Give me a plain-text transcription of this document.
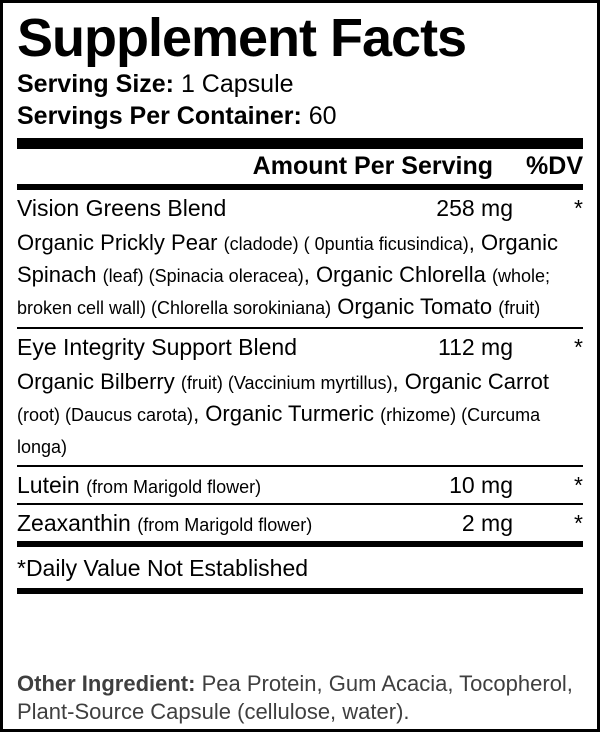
Supplement Facts
Serving Size: 1 Capsule
Servings Per Container: 60
Amount Per Serving	%DV
Vision Greens Blend	258 mg	*
Organic Prickly Pear (cladode) ( 0puntia ficusindica), Organic Spinach (leaf) (Spinacia oleracea), Organic Chlorella (whole; broken cell wall) (Chlorella sorokiniana) Organic Tomato (fruit)
Eye Integrity Support Blend	112 mg	*
Organic Bilberry (fruit) (Vaccinium myrtillus), Organic Carrot (root) (Daucus carota), Organic Turmeric (rhizome) (Curcuma longa)
Lutein (from Marigold flower)	10 mg	*
Zeaxanthin (from Marigold flower)	2 mg	*
*Daily Value Not Established
Other Ingredient: Pea Protein, Gum Acacia, Tocopherol, Plant-Source Capsule (cellulose, water).
